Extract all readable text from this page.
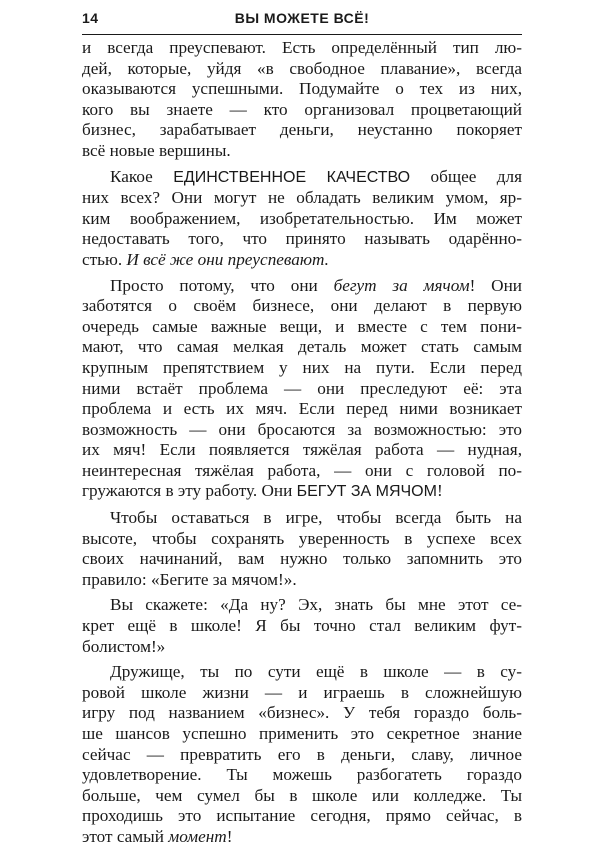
14	ВЫ МОЖЕТЕ ВСЁ!

и всегда преуспевают. Есть определённый тип лю-
дей, которые, уйдя «в свободное плавание», всегда
оказываются успешными. Подумайте о тех из них,
кого вы знаете — кто организовал процветающий
бизнес, зарабатывает деньги, неустанно покоряет
всё новые вершины.

Какое ЕДИНСТВЕННОЕ КАЧЕСТВО общее для
них всех? Они могут не обладать великим умом, яр-
ким воображением, изобретательностью. Им может
недоставать того, что принято называть одарённо-
стью. И всё же они преуспевают.

Просто потому, что они бегут за мячом! Они
заботятся о своём бизнесе, они делают в первую
очередь самые важные вещи, и вместе с тем пони-
мают, что самая мелкая деталь может стать самым
крупным препятствием у них на пути. Если перед
ними встаёт проблема — они преследуют её: эта
проблема и есть их мяч. Если перед ними возникает
возможность — они бросаются за возможностью: это
их мяч! Если появляется тяжёлая работа — нудная,
неинтересная тяжёлая работа, — они с головой по-
гружаются в эту работу. Они БЕГУТ ЗА МЯЧОМ!

Чтобы оставаться в игре, чтобы всегда быть на
высоте, чтобы сохранять уверенность в успехе всех
своих начинаний, вам нужно только запомнить это
правило: «Бегите за мячом!».

Вы скажете: «Да ну? Эх, знать бы мне этот се-
крет ещё в школе! Я бы точно стал великим фут-
болистом!»

Дружище, ты по сути ещё в школе — в су-
ровой школе жизни — и играешь в сложнейшую
игру под названием «бизнес». У тебя гораздо боль-
ше шансов успешно применить это секретное знание
сейчас — превратить его в деньги, славу, личное
удовлетворение. Ты можешь разбогатеть гораздо
больше, чем сумел бы в школе или колледже. Ты
проходишь это испытание сегодня, прямо сейчас, в
этот самый момент!
